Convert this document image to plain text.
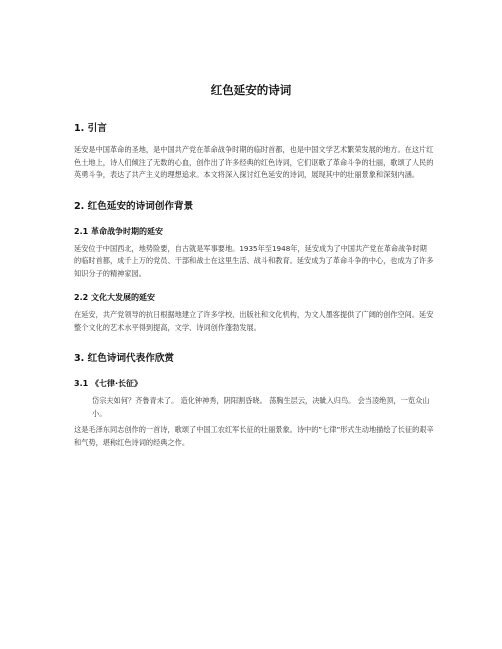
红色延安的诗词
1. 引言

延安是中国革命的圣地，是中国共产党在革命战争时期的临时首都，也是中国文学艺术繁荣发展的地方。在这片红色土地上，诗人们倾注了无数的心血，创作出了许多经典的红色诗词，它们讴歌了革命斗争的壮丽，歌颂了人民的英勇斗争，表达了共产主义的理想追求。本文将深入探讨红色延安的诗词，展现其中的壮丽景象和深刻内涵。

2. 红色延安的诗词创作背景
2.1 革命战争时期的延安

延安位于中国西北，地势险要，自古就是军事要地。1935年至1948年，延安成为了中国共产党在革命战争时期的临时首都，成千上万的党员、干部和战士在这里生活、战斗和教育。延安成为了革命斗争的中心，也成为了许多知识分子的精神家园。

2.2 文化大发展的延安

在延安，共产党领导的抗日根据地建立了许多学校、出版社和文化机构，为文人墨客提供了广阔的创作空间。延安整个文化的艺术水平得到提高，文学、诗词创作蓬勃发展。

3. 红色诗词代表作欣赏
3.1 《七律·长征》
岱宗夫如何？齐鲁青未了。 造化钟神秀，阴阳割昏晓。 荡胸生层云，决眦入归鸟。 会当凌绝顶，一览众山小。

这是毛泽东同志创作的一首诗，歌颂了中国工农红军长征的壮丽景象。诗中的”七律”形式生动地描绘了长征的艰辛和气势，堪称红色诗词的经典之作。
